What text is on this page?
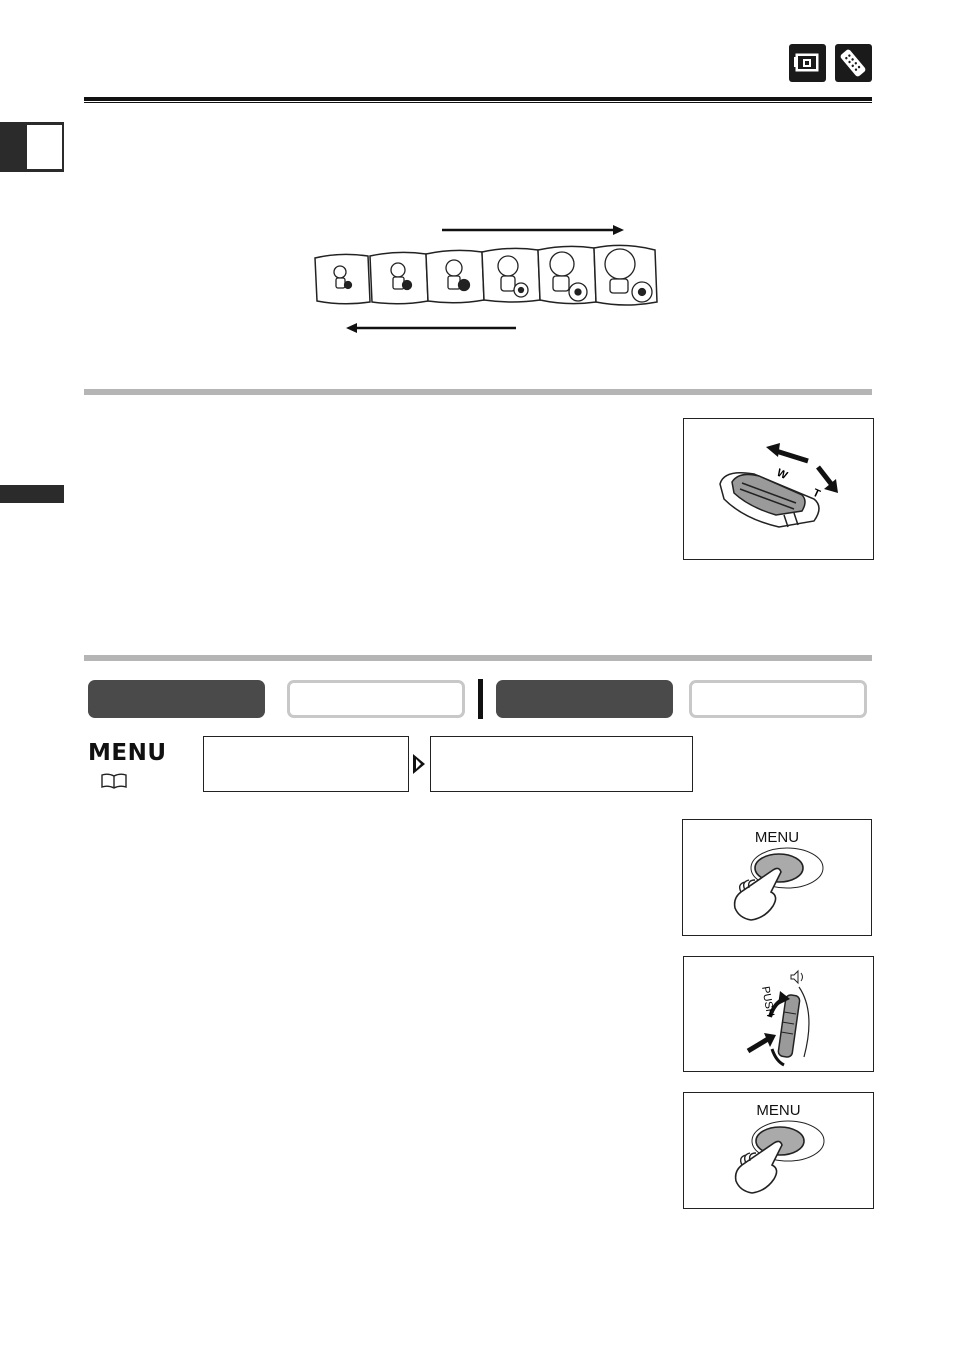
W
T
MENU
MENU
PUSH
MENU
